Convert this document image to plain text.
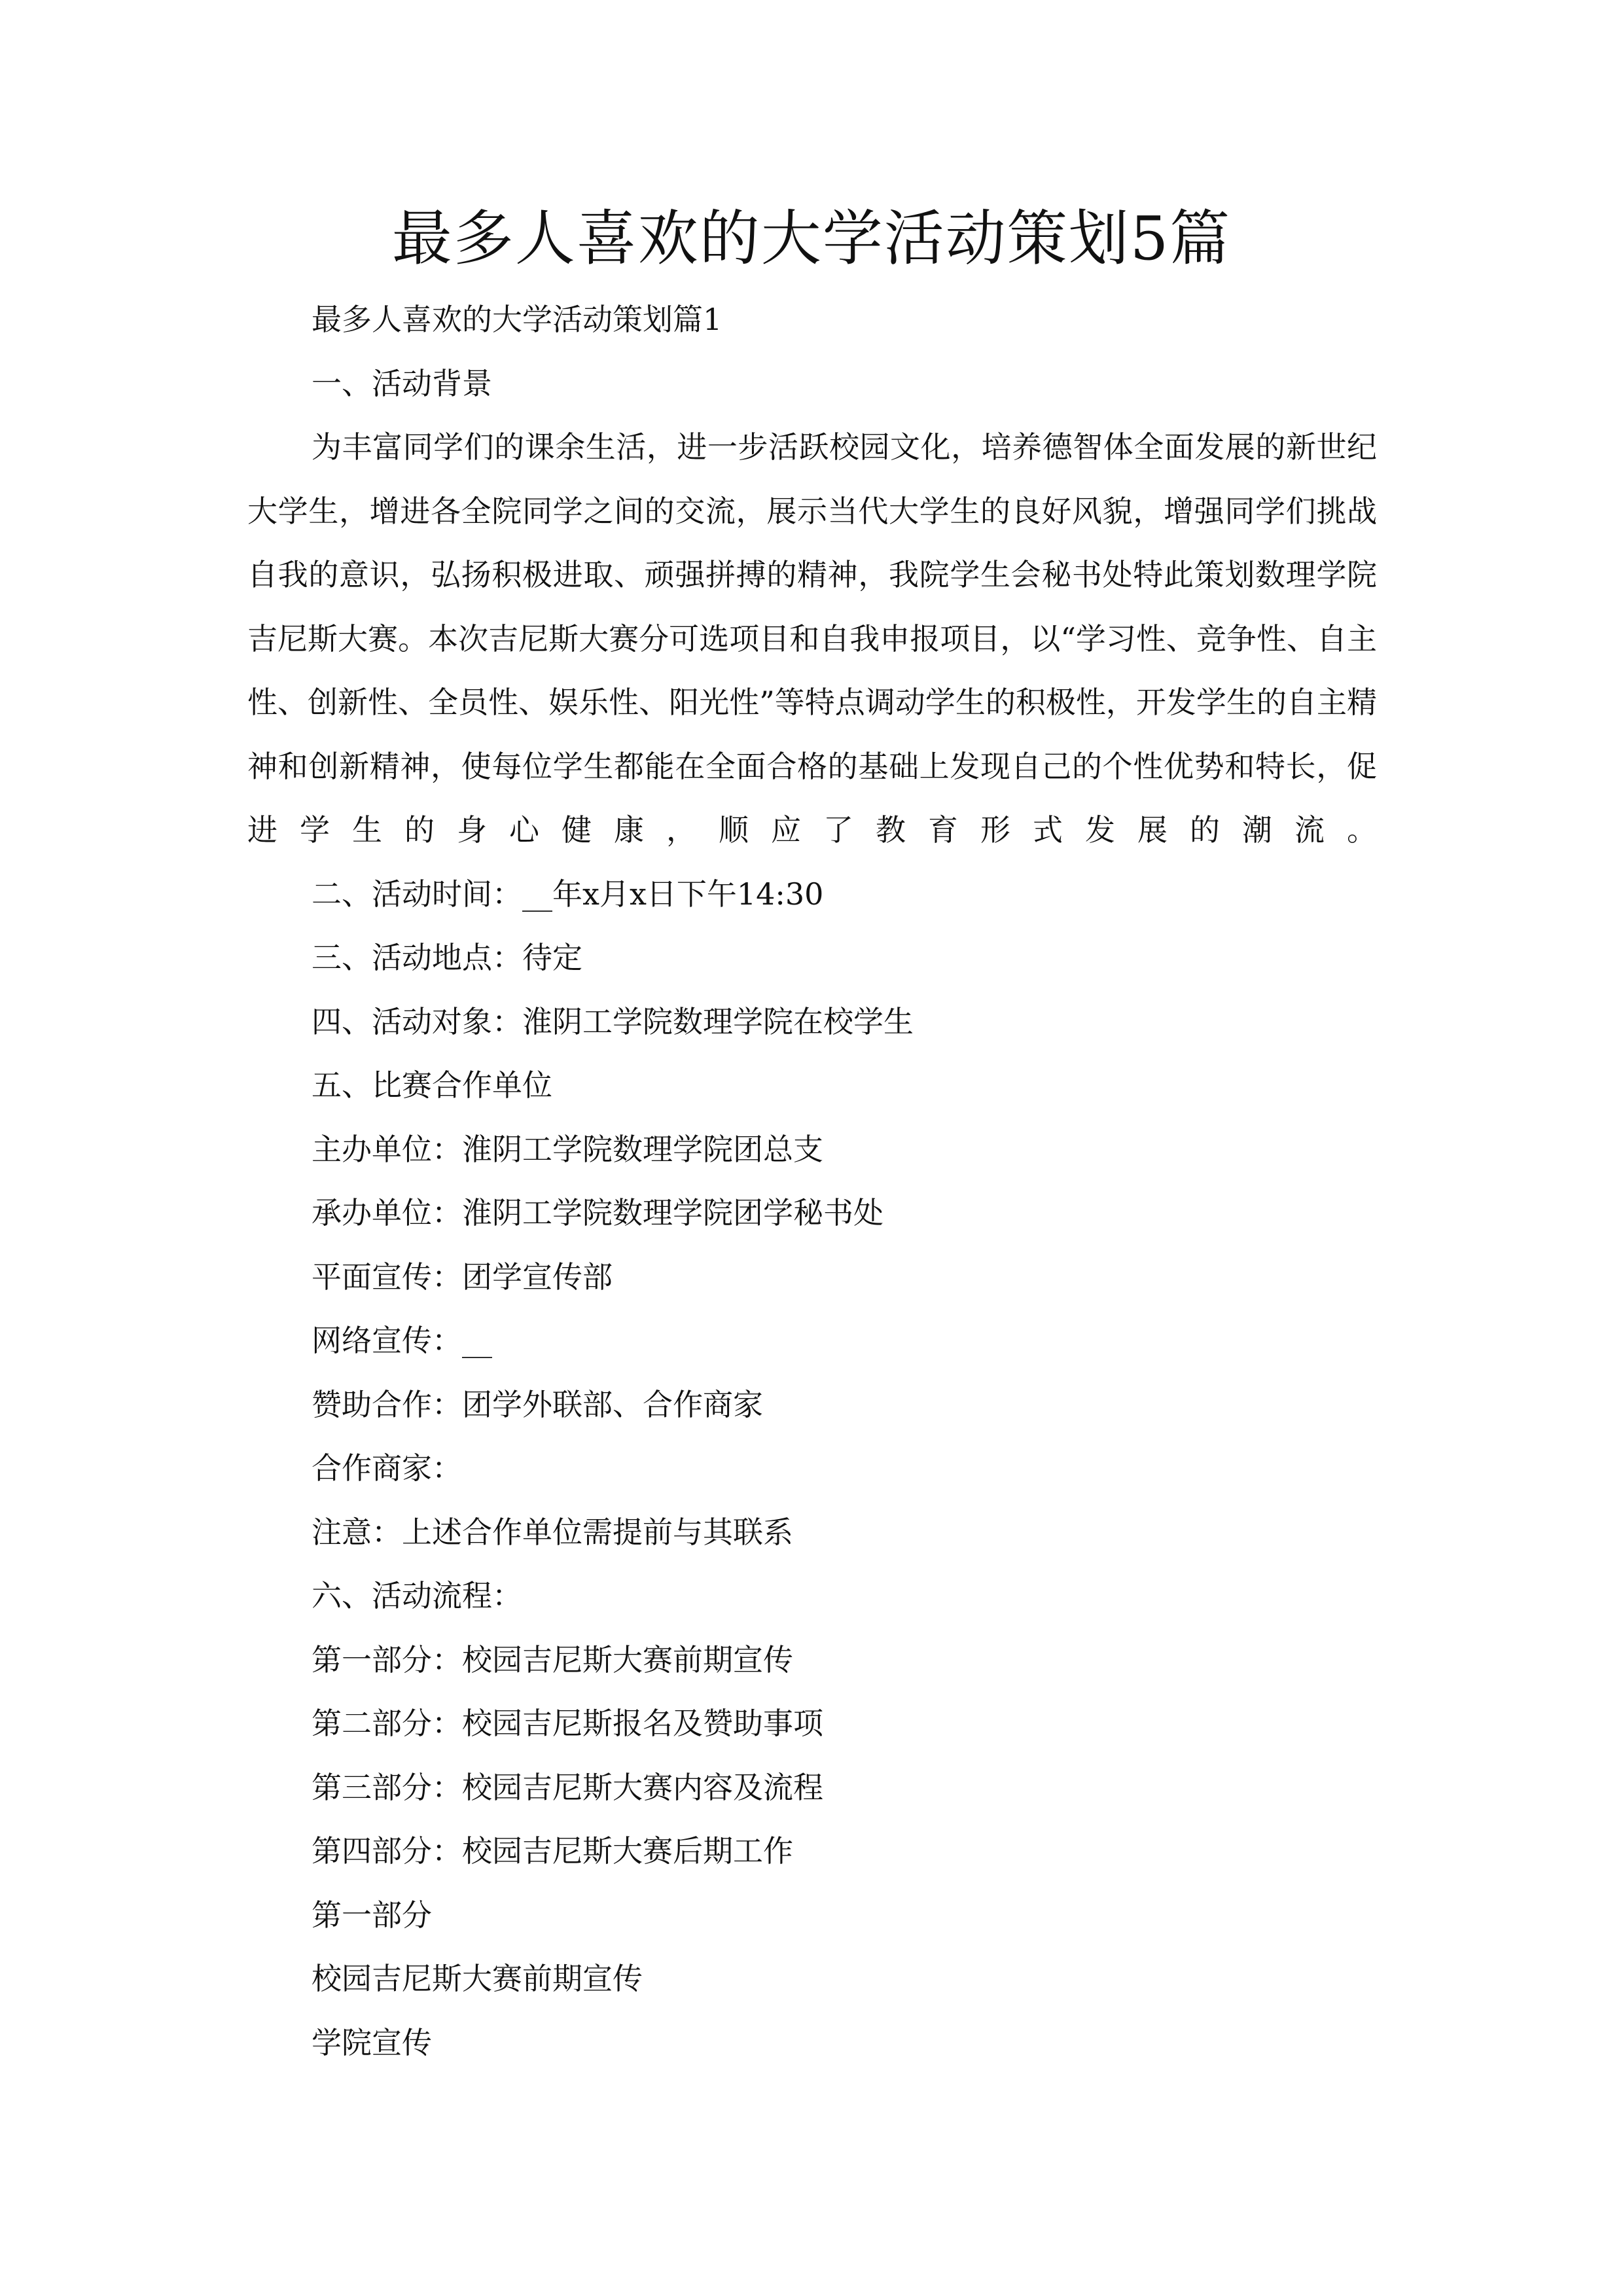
最多人喜欢的大学活动策划5篇

最多人喜欢的大学活动策划篇1

一、活动背景

为丰富同学们的课余生活，进一步活跃校园文化，培养德智体全面发展的新世纪大学生，增进各全院同学之间的交流，展示当代大学生的良好风貌，增强同学们挑战自我的意识，弘扬积极进取、顽强拼搏的精神，我院学生会秘书处特此策划数理学院吉尼斯大赛。本次吉尼斯大赛分可选项目和自我申报项目，以“学习性、竞争性、自主性、创新性、全员性、娱乐性、阳光性”等特点调动学生的积极性，开发学生的自主精神和创新精神，使每位学生都能在全面合格的基础上发现自己的个性优势和特长，促进学生的身心健康，顺应了教育形式发展的潮流。

二、活动时间：__年x月x日下午14:30

三、活动地点：待定

四、活动对象：淮阴工学院数理学院在校学生

五、比赛合作单位

主办单位：淮阴工学院数理学院团总支

承办单位：淮阴工学院数理学院团学秘书处

平面宣传：团学宣传部

网络宣传：__

赞助合作：团学外联部、合作商家

合作商家：

注意：上述合作单位需提前与其联系

六、活动流程：

第一部分：校园吉尼斯大赛前期宣传

第二部分：校园吉尼斯报名及赞助事项

第三部分：校园吉尼斯大赛内容及流程

第四部分：校园吉尼斯大赛后期工作

第一部分

校园吉尼斯大赛前期宣传

学院宣传
